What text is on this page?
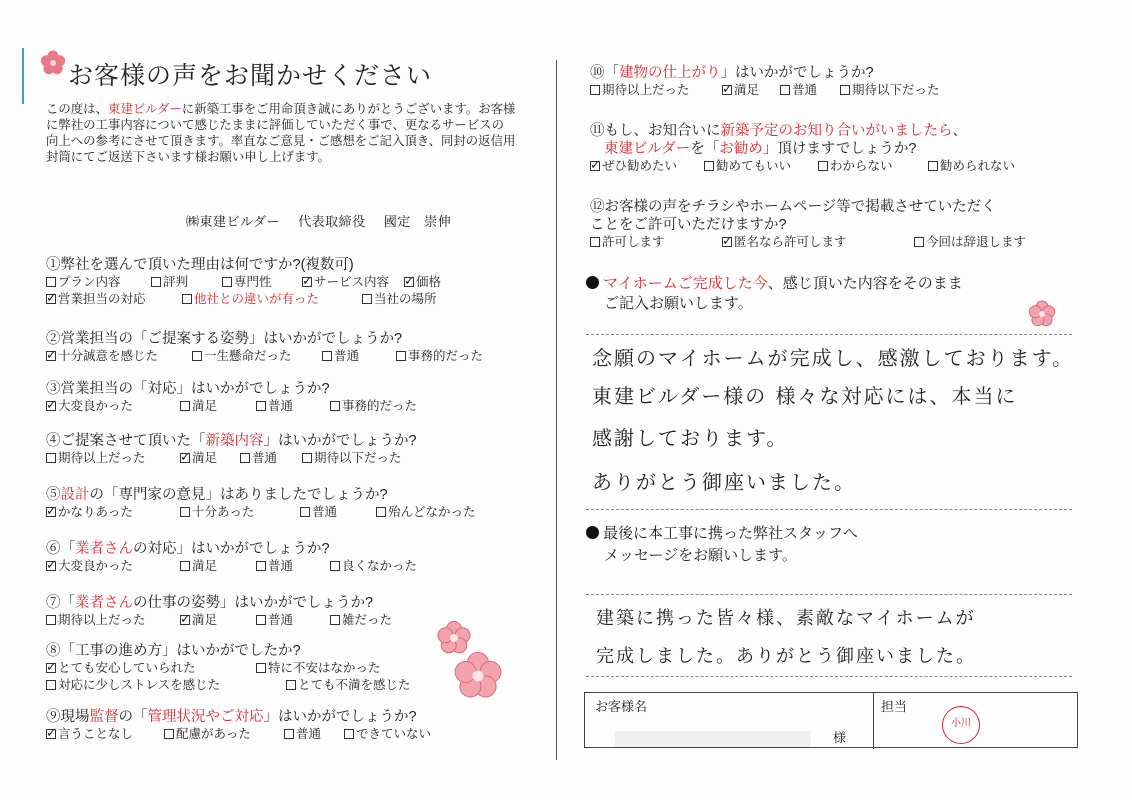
お客様の声をお聞かせください
この度は、東建ビルダーに新築工事をご用命頂き誠にありがとうございます。お客様に弊社の工事内容について感じたままに評価していただく事で、更なるサービスの向上への参考にさせて頂きます。率直なご意見・ご感想をご記入頂き、同封の返信用封筒にてご返送下さいます様お願い申し上げます。
㈱東建ビルダー 代表取締役 國定　崇伸
①弊社を選んで頂いた理由は何ですか?(複数可)
プラン内容	評判	専門性 ✓	サービス内容 ✓	価格
✓営業担当の対応	他社との違いが有った	当社の場所
②営業担当の「ご提案する姿勢」はいかがでしょうか?
✓十分誠意を感じた	一生懸命だった	普通	事務的だった
③営業担当の「対応」はいかがでしょうか?
✓大変良かった	満足	普通	事務的だった
④ご提案させて頂いた「新築内容」はいかがでしょうか?
期待以上だった ✓	満足	普通	期待以下だった
⑤設計の「専門家の意見」はありましたでしょうか?
✓かなりあった	十分あった	普通	殆んどなかった
⑥「業者さんの対応」はいかがでしょうか?
✓大変良かった	満足	普通	良くなかった
⑦「業者さんの仕事の姿勢」はいかがでしょうか?
期待以上だった ✓	満足	普通	雑だった
⑧「工事の進め方」はいかがでしたか?
✓とても安心していられた	特に不安はなかった
対応に少しストレスを感じた	とても不満を感じた
⑨現場監督の「管理状況やご対応」はいかがでしょうか?
✓言うことなし	配慮があった	普通	できていない
⑩「建物の仕上がり」はいかがでしょうか?
期待以上だった ✓	満足	普通	期待以下だった
⑪もし、お知合いに新築予定のお知り合いがいましたら、
東建ビルダーを「お勧め」頂けますでしょうか?
✓ぜひ勧めたい	勧めてもいい	わからない	勧められない
⑫お客様の声をチラシやホームページ等で掲載させていただく
ことをご許可いただけますか?
許可します ✓	匿名なら許可します	今回は辞退します
マイホームご完成した今、感じ頂いた内容をそのまま
ご記入お願いします。
念願のマイホームが完成し、感激しております。
東建ビルダー様の 様々な対応には、本当に
感謝しております。
ありがとう御座いました。
最後に本工事に携った弊社スタッフへ
メッセージをお願いします。
建築に携った皆々様、素敵なマイホームが
完成しました。ありがとう御座いました。
お客様名
様
担当
小川
